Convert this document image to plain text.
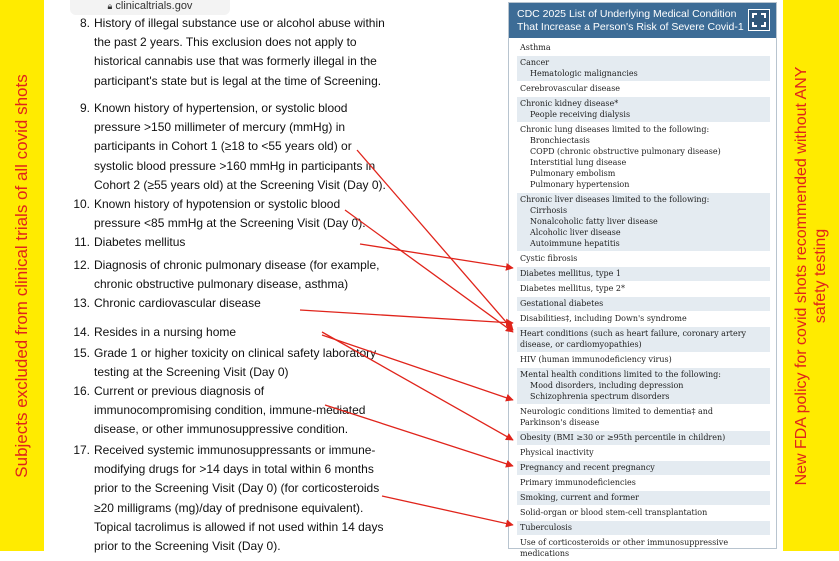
Subjects excluded from clinical trials of all covid shots
🔒︎ clinicaltrials.gov
8. History of illegal substance use or alcohol abuse within
the past 2 years. This exclusion does not apply to
historical cannabis use that was formerly illegal in the
participant's state but is legal at the time of Screening.
9. Known history of hypertension, or systolic blood
pressure >150 millimeter of mercury (mmHg) in
participants in Cohort 1 (≥18 to <55 years old) or
systolic blood pressure >160 mmHg in participants in
Cohort 2 (≥55 years old) at the Screening Visit (Day 0).
10. Known history of hypotension or systolic blood
pressure <85 mmHg at the Screening Visit (Day 0).
11. Diabetes mellitus
12. Diagnosis of chronic pulmonary disease (for example,
chronic obstructive pulmonary disease, asthma)
13. Chronic cardiovascular disease
14. Resides in a nursing home
15. Grade 1 or higher toxicity on clinical safety laboratory
testing at the Screening Visit (Day 0)
16. Current or previous diagnosis of
immunocompromising condition, immune-mediated
disease, or other immunosuppressive condition.
17. Received systemic immunosuppressants or immune-
modifying drugs for >14 days in total within 6 months
prior to the Screening Visit (Day 0) (for corticosteroids
≥20 milligrams (mg)/day of prednisone equivalent).
Topical tacrolimus is allowed if not used within 14 days
prior to the Screening Visit (Day 0).
CDC 2025 List of Underlying Medical Condition
That Increase a Person's Risk of Severe Covid-1
Asthma
Cancer
Hematologic malignancies
Cerebrovascular disease
Chronic kidney disease*
People receiving dialysis
Chronic lung diseases limited to the following:
Bronchiectasis
COPD (chronic obstructive pulmonary disease)
Interstitial lung disease
Pulmonary embolism
Pulmonary hypertension
Chronic liver diseases limited to the following:
Cirrhosis
Nonalcoholic fatty liver disease
Alcoholic liver disease
Autoimmune hepatitis
Cystic fibrosis
Diabetes mellitus, type 1
Diabetes mellitus, type 2*
Gestational diabetes
Disabilities‡, including Down's syndrome
Heart conditions (such as heart failure, coronary artery
disease, or cardiomyopathies)
HIV (human immunodeficiency virus)
Mental health conditions limited to the following:
Mood disorders, including depression
Schizophrenia spectrum disorders
Neurologic conditions limited to dementia‡ and
Parkinson's disease
Obesity (BMI ≥30 or ≥95th percentile in children)
Physical inactivity
Pregnancy and recent pregnancy
Primary immunodeficiencies
Smoking, current and former
Solid-organ or blood stem-cell transplantation
Tuberculosis
Use of corticosteroids or other immunosuppressive
medications
New FDA policy for covid shots recommended without ANY safety testing
